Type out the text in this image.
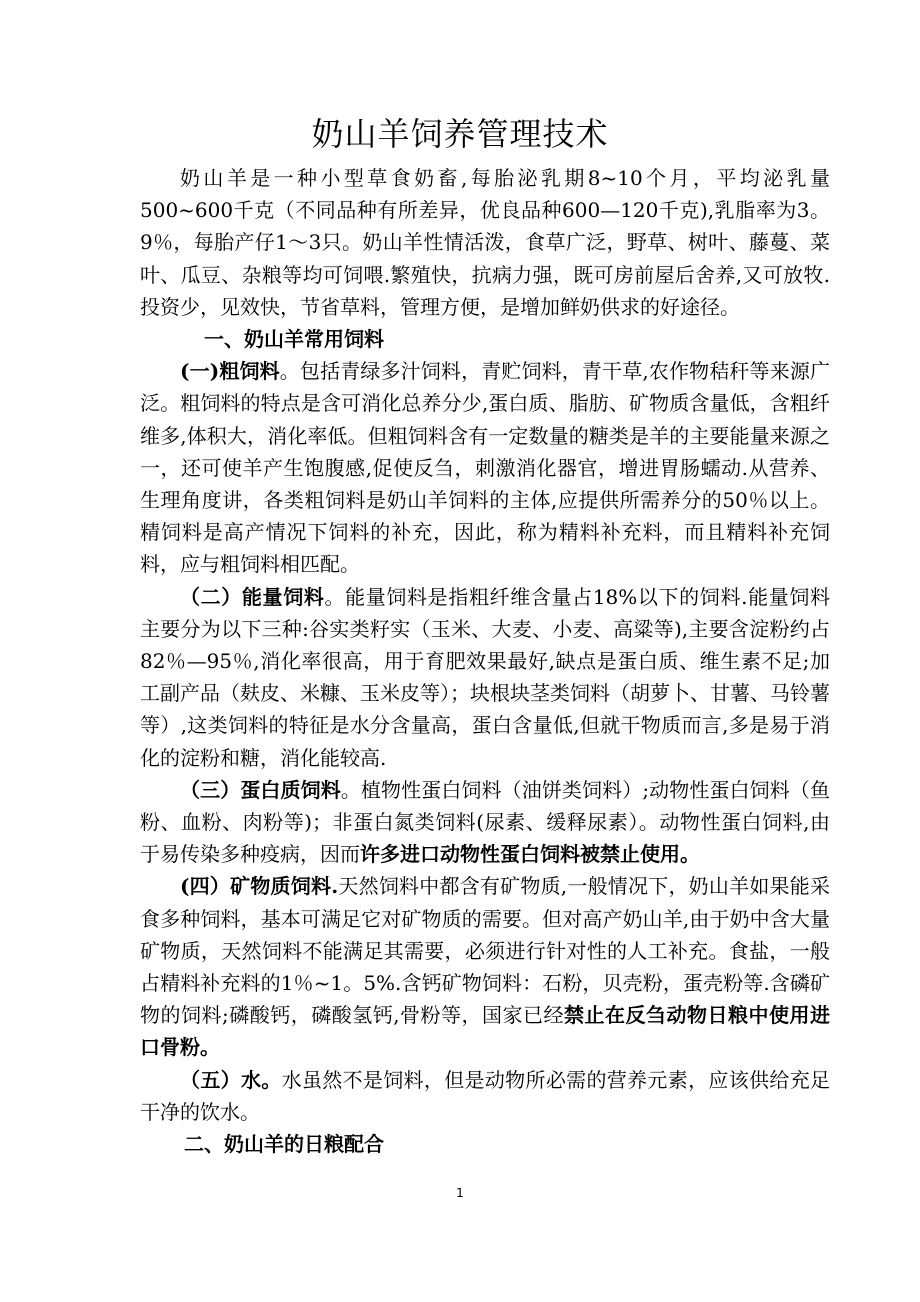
奶山羊饲养管理技术

奶山羊是一种小型草食奶畜,每胎泌乳期8~10个月，平均泌乳量500~600千克（不同品种有所差异，优良品种600—120千克),乳脂率为3。9％，每胎产仔1～3只。奶山羊性情活泼，食草广泛，野草、树叶、藤蔓、菜叶、瓜豆、杂粮等均可饲喂.繁殖快，抗病力强，既可房前屋后舍养,又可放牧.投资少，见效快，节省草料，管理方便，是增加鲜奶供求的好途径。

一、奶山羊常用饲料

(一)粗饲料。包括青绿多汁饲料，青贮饲料，青干草,农作物秸秆等来源广泛。粗饲料的特点是含可消化总养分少,蛋白质、脂肪、矿物质含量低，含粗纤维多,体积大，消化率低。但粗饲料含有一定数量的糖类是羊的主要能量来源之一，还可使羊产生饱腹感,促使反刍，刺激消化器官，增进胃肠蠕动.从营养、生理角度讲，各类粗饲料是奶山羊饲料的主体,应提供所需养分的50％以上。精饲料是高产情况下饲料的补充，因此，称为精料补充料，而且精料补充饲料，应与粗饲料相匹配。

（二）能量饲料。能量饲料是指粗纤维含量占18%以下的饲料.能量饲料主要分为以下三种:谷实类籽实（玉米、大麦、小麦、高粱等),主要含淀粉约占82％—95％,消化率很高，用于育肥效果最好,缺点是蛋白质、维生素不足;加工副产品（麸皮、米糠、玉米皮等）；块根块茎类饲料（胡萝卜、甘薯、马铃薯等）,这类饲料的特征是水分含量高，蛋白含量低,但就干物质而言,多是易于消化的淀粉和糖，消化能较高.

（三）蛋白质饲料。植物性蛋白饲料（油饼类饲料）;动物性蛋白饲料（鱼粉、血粉、肉粉等)；非蛋白氮类饲料(尿素、缓释尿素）。动物性蛋白饲料,由于易传染多种疫病，因而许多进口动物性蛋白饲料被禁止使用。

(四）矿物质饲料.天然饲料中都含有矿物质,一般情况下，奶山羊如果能采食多种饲料，基本可满足它对矿物质的需要。但对高产奶山羊,由于奶中含大量矿物质，天然饲料不能满足其需要，必须进行针对性的人工补充。食盐，一般占精料补充料的1％~1。5%.含钙矿物饲料：石粉，贝壳粉，蛋壳粉等.含磷矿物的饲料;磷酸钙，磷酸氢钙,骨粉等，国家已经禁止在反刍动物日粮中使用进口骨粉。

（五）水。水虽然不是饲料，但是动物所必需的营养元素，应该供给充足干净的饮水。

二、奶山羊的日粮配合

1
